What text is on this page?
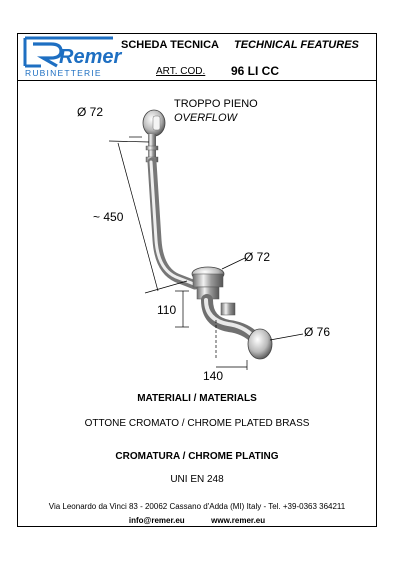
Remer
RUBINETTERIE
SCHEDA TECNICA TECHNICAL FEATURES
ART. COD. 96 LI CC
Ø 72
TROPPO PIENO
OVERFLOW
~ 450
Ø 72
110
Ø 76
140
MATERIALI / MATERIALS
OTTONE CROMATO / CHROME PLATED BRASS
CROMATURA / CHROME PLATING
UNI EN 248
Via Leonardo da Vinci 83 - 20062 Cassano d'Adda (MI) Italy - Tel. +39-0363 364211
info@remer.eu	www.remer.eu
